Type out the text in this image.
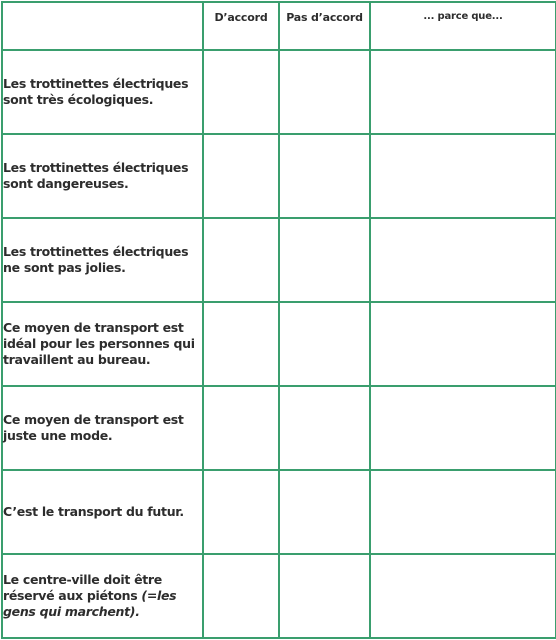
	D’accord	Pas d’accord	... parce que...
Les trottinettes électriques sont très écologiques.			
Les trottinettes électriques sont dangereuses.			
Les trottinettes électriques ne sont pas jolies.			
Ce moyen de transport est idéal pour les personnes qui travaillent au bureau.			
Ce moyen de transport est juste une mode.			
C’est le transport du futur.			
Le centre-ville doit être réservé aux piétons (=les gens qui marchent).			
